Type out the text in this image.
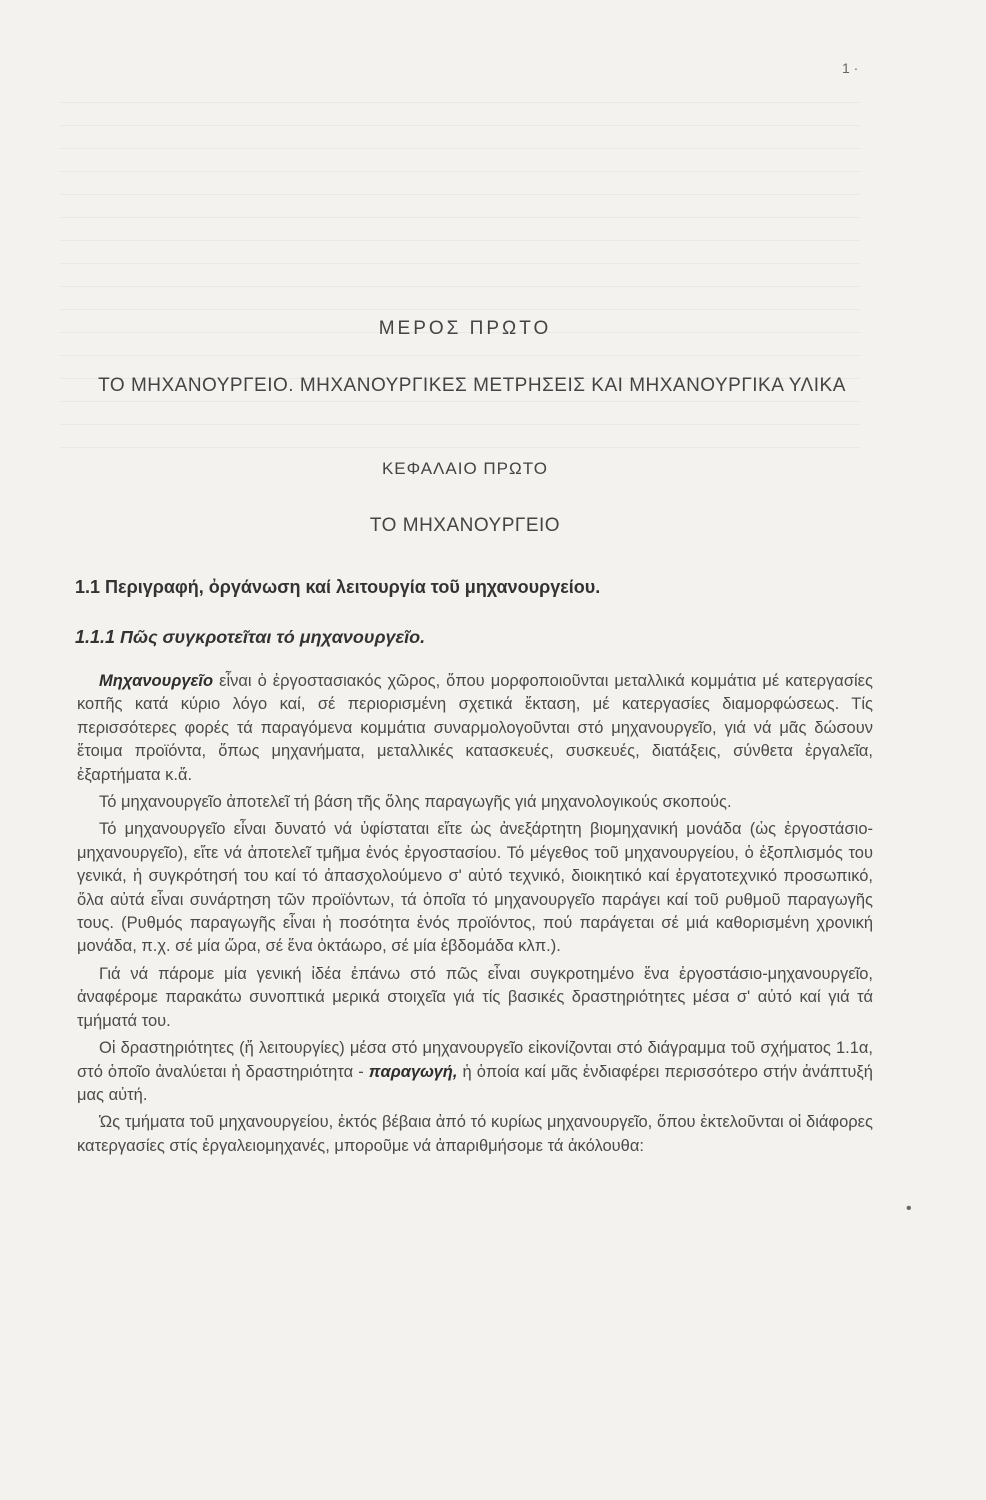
1 ·
ΜΕΡΟΣ ΠΡΩΤΟ
ΤΟ ΜΗΧΑΝΟΥΡΓΕΙΟ. ΜΗΧΑΝΟΥΡΓΙΚΕΣ ΜΕΤΡΗΣΕΙΣ ΚΑΙ ΜΗΧΑΝΟΥΡΓΙΚΑ ΥΛΙΚΑ
ΚΕΦΑΛΑΙΟ ΠΡΩΤΟ
ΤΟ ΜΗΧΑΝΟΥΡΓΕΙΟ
1.1 Περιγραφή, ὀργάνωση καί λειτουργία τοῦ μηχανουργείου.
1.1.1 Πῶς συγκροτεῖται τό μηχανουργεῖο.

Μηχανουργεῖο εἶναι ὁ ἐργοστασιακός χῶρος, ὅπου μορφοποιοῦνται μεταλλικά κομμάτια μέ κατεργασίες κοπῆς κατά κύριο λόγο καί, σέ περιορισμένη σχετικά ἔκταση, μέ κατεργασίες διαμορφώσεως. Τίς περισσότερες φορές τά παραγόμενα κομμάτια συναρμολογοῦνται στό μηχανουργεῖο, γιά νά μᾶς δώσουν ἕτοιμα προϊόντα, ὅπως μηχανήματα, μεταλλικές κατασκευές, συσκευές, διατάξεις, σύνθετα ἐργαλεῖα, ἐξαρτήματα κ.ἄ.

Τό μηχανουργεῖο ἀποτελεῖ τή βάση τῆς ὅλης παραγωγῆς γιά μηχανολογικούς σκοπούς.

Τό μηχανουργεῖο εἶναι δυνατό νά ὑφίσταται εἴτε ὡς ἀνεξάρτητη βιομηχανική μονάδα (ὡς ἐργοστάσιο-μηχανουργεῖο), εἴτε νά ἀποτελεῖ τμῆμα ἑνός ἐργοστασίου. Τό μέγεθος τοῦ μηχανουργείου, ὁ ἐξοπλισμός του γενικά, ἡ συγκρότησή του καί τό ἀπασχολούμενο σ' αὐτό τεχνικό, διοικητικό καί ἐργατοτεχνικό προσωπικό, ὅλα αὐτά εἶναι συνάρτηση τῶν προϊόντων, τά ὁποῖα τό μηχανουργεῖο παράγει καί τοῦ ρυθμοῦ παραγωγῆς τους. (Ρυθμός παραγωγῆς εἶναι ἡ ποσότητα ἑνός προϊόντος, πού παράγεται σέ μιά καθορισμένη χρονική μονάδα, π.χ. σέ μία ὥρα, σέ ἕνα ὀκτάωρο, σέ μία ἑβδομάδα κλπ.).

Γιά νά πάρομε μία γενική ἰδέα ἐπάνω στό πῶς εἶναι συγκροτημένο ἕνα ἐργοστάσιο-μηχανουργεῖο, ἀναφέρομε παρακάτω συνοπτικά μερικά στοιχεῖα γιά τίς βασικές δραστηριότητες μέσα σ' αὐτό καί γιά τά τμήματά του.

Οἱ δραστηριότητες (ἤ λειτουργίες) μέσα στό μηχανουργεῖο εἰκονίζονται στό διάγραμμα τοῦ σχήματος 1.1α, στό ὁποῖο ἀναλύεται ἡ δραστηριότητα - παραγωγή, ἡ ὁποία καί μᾶς ἐνδιαφέρει περισσότερο στήν ἀνάπτυξή μας αὐτή.

Ὡς τμήματα τοῦ μηχανουργείου, ἐκτός βέβαια ἀπό τό κυρίως μηχανουργεῖο, ὅπου ἐκτελοῦνται οἱ διάφορες κατεργασίες στίς ἐργαλειομηχανές, μποροῦμε νά ἀπαριθμήσομε τά ἀκόλουθα:

•
